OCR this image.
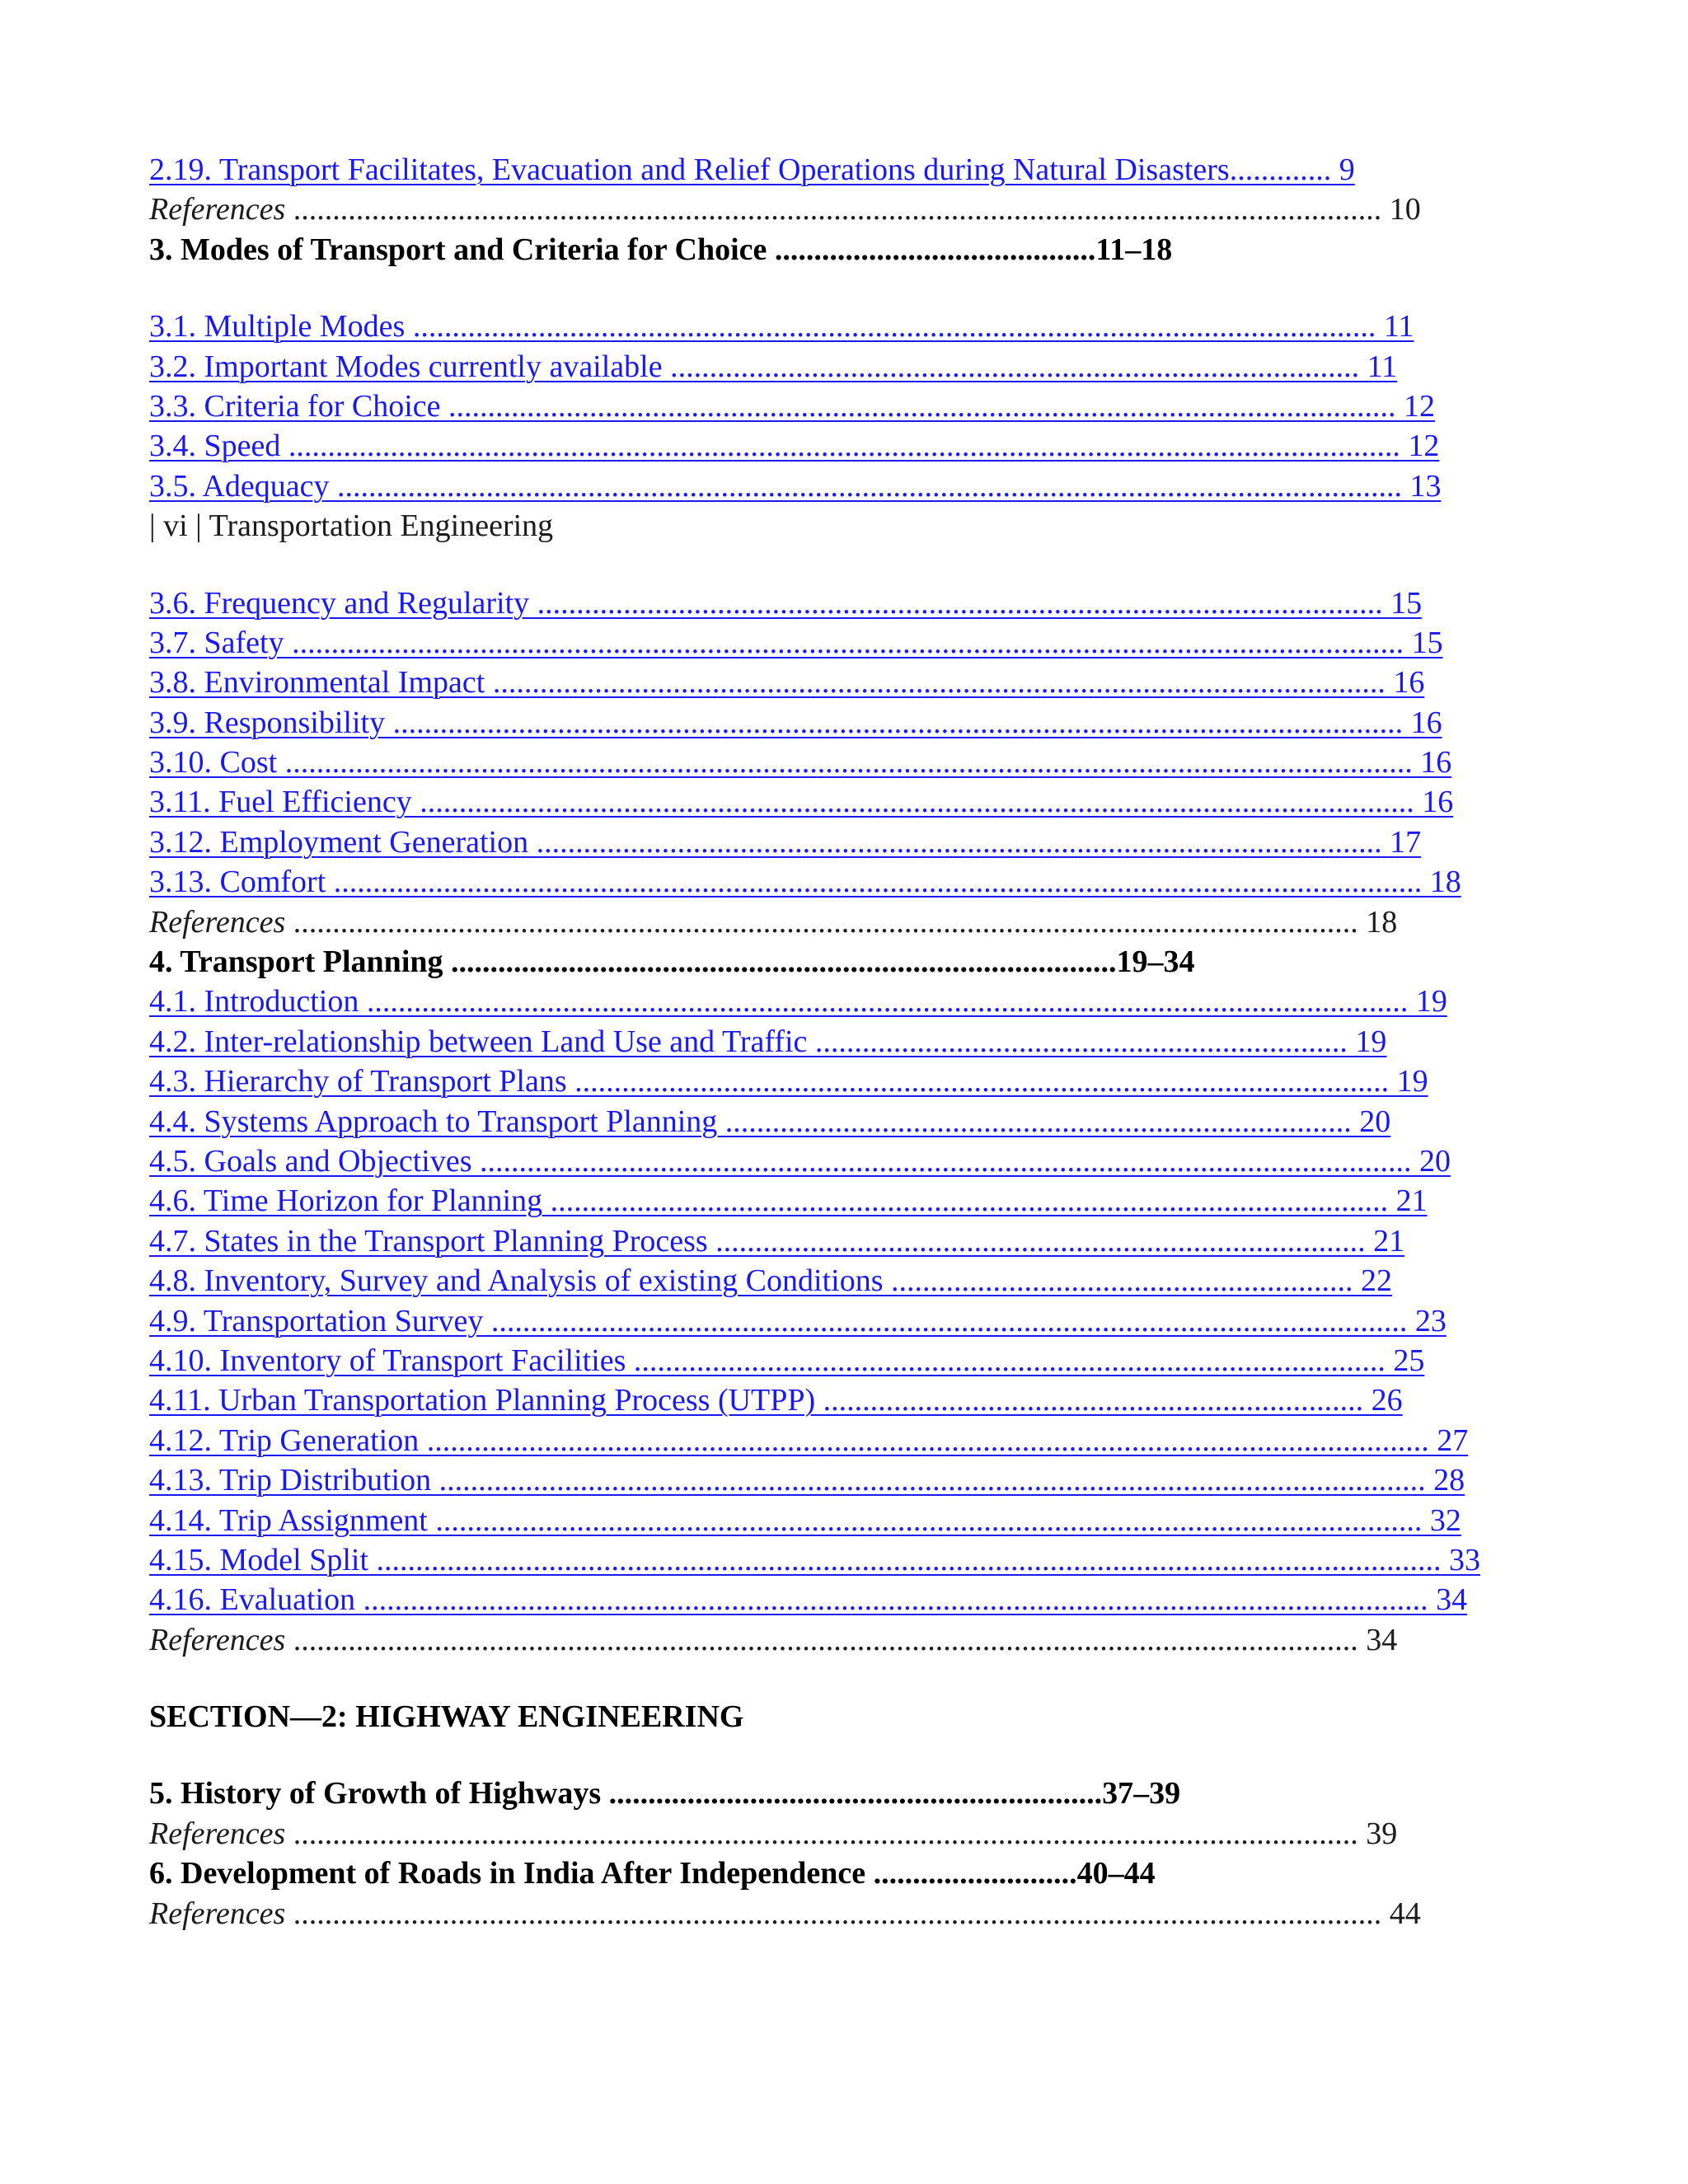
2.19. Transport Facilitates, Evacuation and Relief Operations during Natural Disasters............. 9
References ........................................................................................................................................... 10
3. Modes of Transport and Criteria for Choice .........................................11–18
3.1. Multiple Modes ........................................................................................................................... 11
3.2. Important Modes currently available ........................................................................................ 11
3.3. Criteria for Choice ......................................................................................................................... 12
3.4. Speed .............................................................................................................................................. 12
3.5. Adequacy ........................................................................................................................................ 13
| vi | Transportation Engineering
3.6. Frequency and Regularity ............................................................................................................ 15
3.7. Safety .............................................................................................................................................. 15
3.8. Environmental Impact .................................................................................................................. 16
3.9. Responsibility ................................................................................................................................. 16
3.10. Cost ................................................................................................................................................ 16
3.11. Fuel Efficiency ............................................................................................................................... 16
3.12. Employment Generation ............................................................................................................ 17
3.13. Comfort ........................................................................................................................................... 18
References ........................................................................................................................................ 18
4. Transport Planning .....................................................................................19–34
4.1. Introduction ..................................................................................................................................... 19
4.2. Inter-relationship between Land Use and Traffic .................................................................... 19
4.3. Hierarchy of Transport Plans ........................................................................................................ 19
4.4. Systems Approach to Transport Planning ................................................................................ 20
4.5. Goals and Objectives ....................................................................................................................... 20
4.6. Time Horizon for Planning ........................................................................................................... 21
4.7. States in the Transport Planning Process ................................................................................... 21
4.8. Inventory, Survey and Analysis of existing Conditions ........................................................... 22
4.9. Transportation Survey ..................................................................................................................... 23
4.10. Inventory of Transport Facilities ................................................................................................ 25
4.11. Urban Transportation Planning Process (UTPP) ..................................................................... 26
4.12. Trip Generation ................................................................................................................................ 27
4.13. Trip Distribution .............................................................................................................................. 28
4.14. Trip Assignment .............................................................................................................................. 32
4.15. Model Split ........................................................................................................................................ 33
4.16. Evaluation ........................................................................................................................................ 34
References ........................................................................................................................................ 34
SECTION—2: HIGHWAY ENGINEERING
5. History of Growth of Highways ...............................................................37–39
References ........................................................................................................................................ 39
6. Development of Roads in India After Independence ..........................40–44
References ........................................................................................................................................... 44
